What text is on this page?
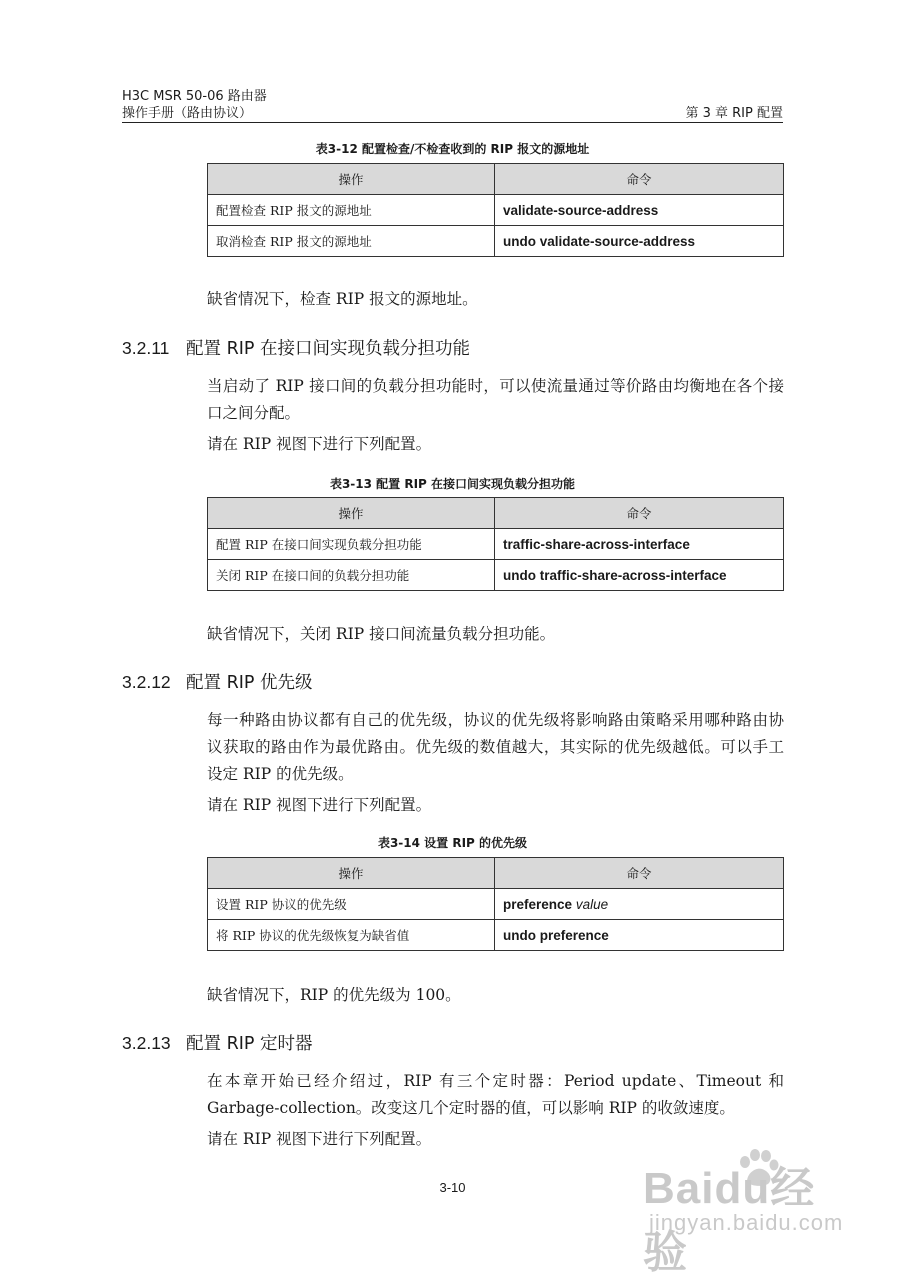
H3C MSR 50-06 路由器
操作手册（路由协议）	第 3 章 RIP 配置
表3-12 配置检查/不检查收到的 RIP 报文的源地址
操作	命令
配置检查 RIP 报文的源地址	validate-source-address
取消检查 RIP 报文的源地址	undo validate-source-address
缺省情况下，检查 RIP 报文的源地址。
3.2.11 配置 RIP 在接口间实现负载分担功能
当启动了 RIP 接口间的负载分担功能时，可以使流量通过等价路由均衡地在各个接
口之间分配。
请在 RIP 视图下进行下列配置。
表3-13 配置 RIP 在接口间实现负载分担功能
操作	命令
配置 RIP 在接口间实现负载分担功能	traffic-share-across-interface
关闭 RIP 在接口间的负载分担功能	undo traffic-share-across-interface
缺省情况下，关闭 RIP 接口间流量负载分担功能。
3.2.12 配置 RIP 优先级
每一种路由协议都有自己的优先级，协议的优先级将影响路由策略采用哪种路由协
议获取的路由作为最优路由。优先级的数值越大，其实际的优先级越低。可以手工
设定 RIP 的优先级。
请在 RIP 视图下进行下列配置。
表3-14 设置 RIP 的优先级
操作	命令
设置 RIP 协议的优先级	preference value
将 RIP 协议的优先级恢复为缺省值	undo preference
缺省情况下，RIP 的优先级为 100。
3.2.13 配置 RIP 定时器
在本章开始已经介绍过，RIP 有三个定时器：Period update、Timeout 和
Garbage-collection。改变这几个定时器的值，可以影响 RIP 的收敛速度。
请在 RIP 视图下进行下列配置。
3-10	Baidu经验
jingyan.baidu.com
